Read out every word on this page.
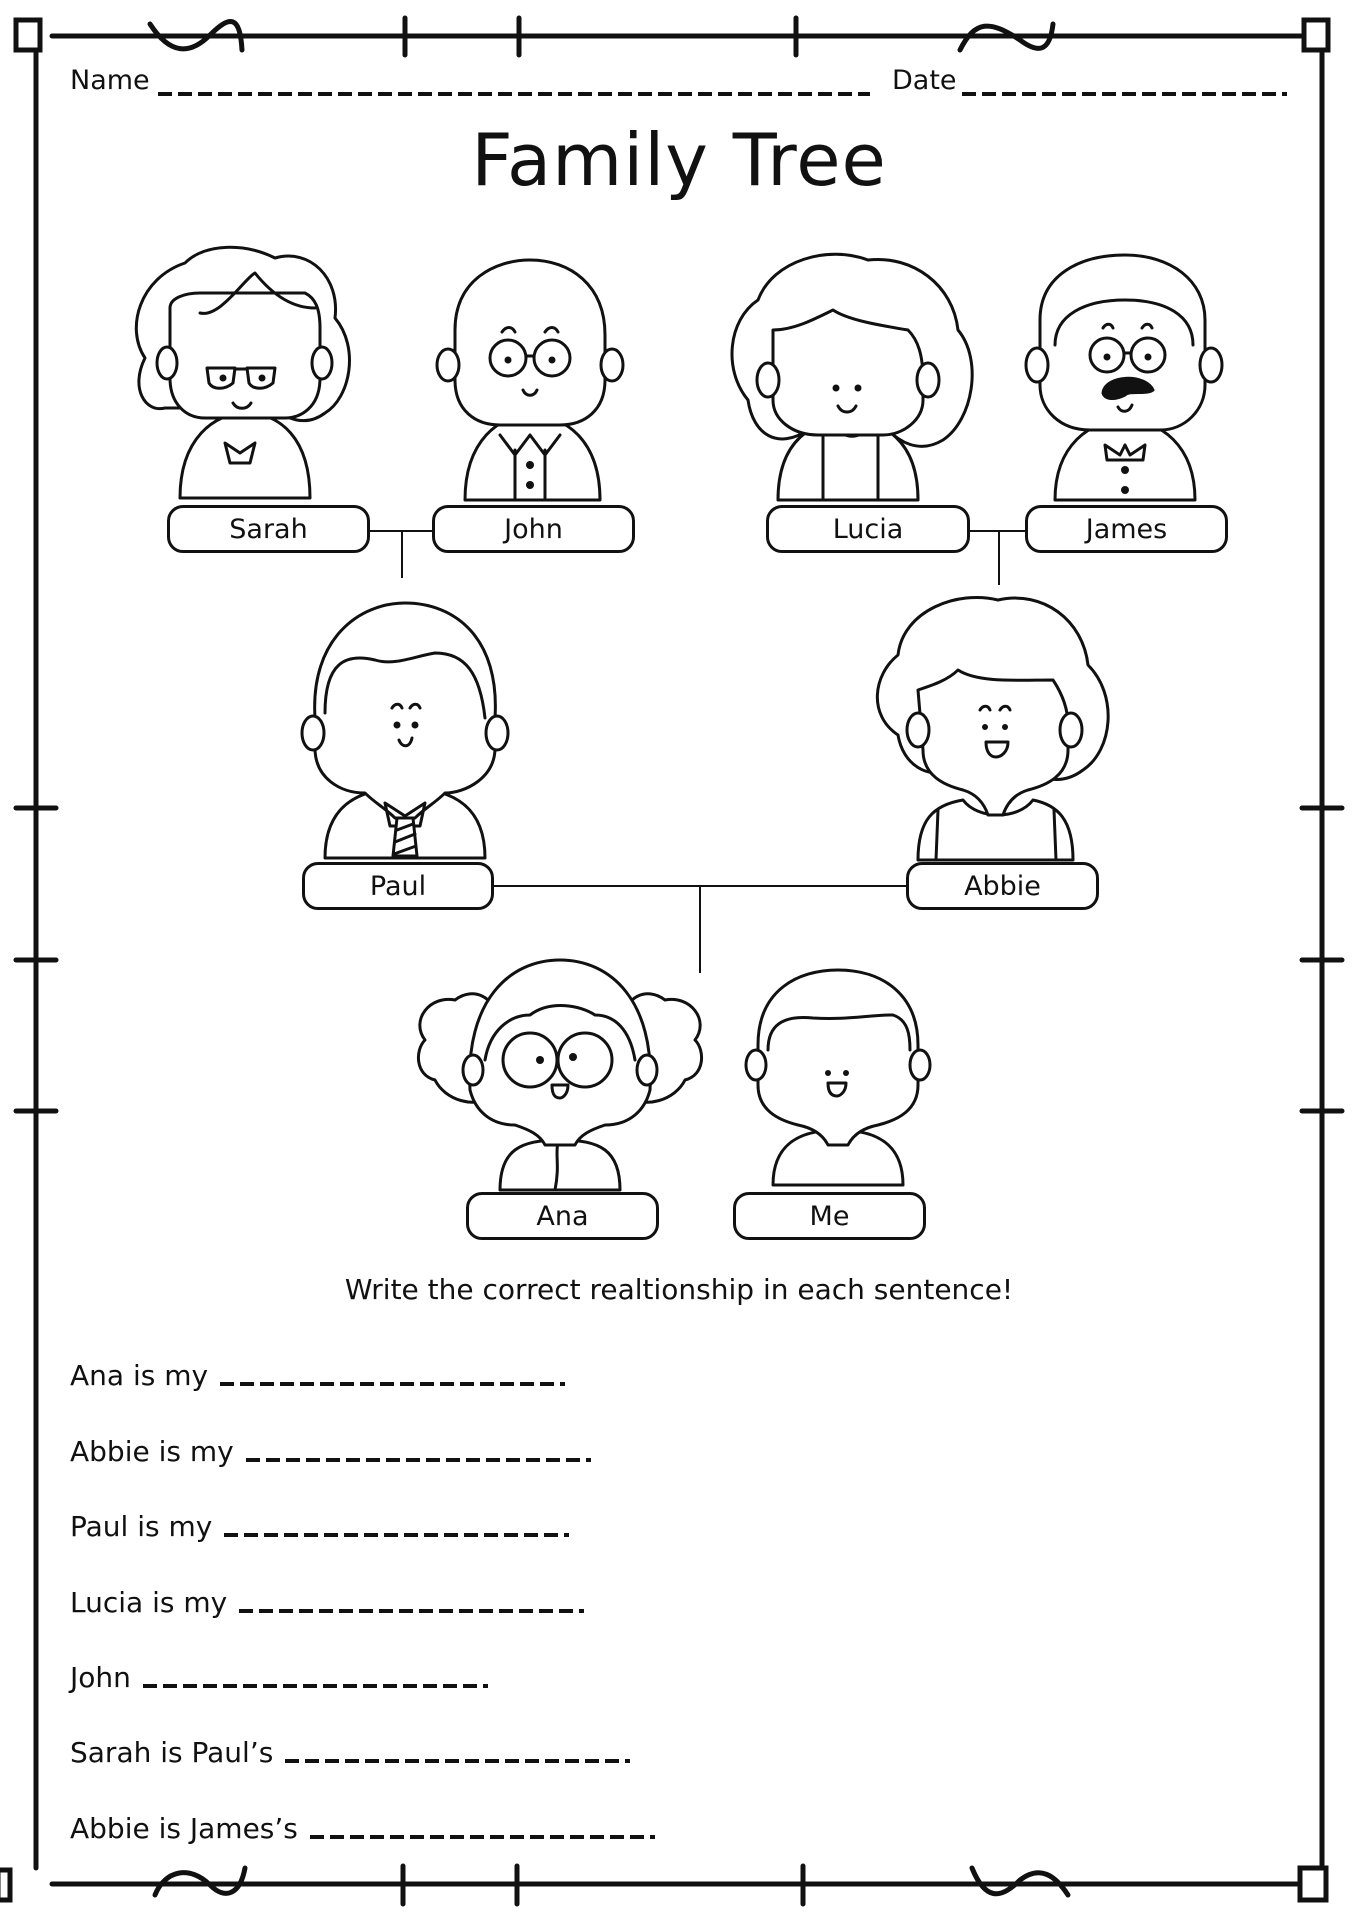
Name	Date
Family Tree
Sarah	John	Lucia	James
Paul	Abbie
Ana	Me
Write the correct realtionship in each sentence!
Ana is my
Abbie is my
Paul is my
Lucia is my
John
Sarah is Paul’s
Abbie is James’s
